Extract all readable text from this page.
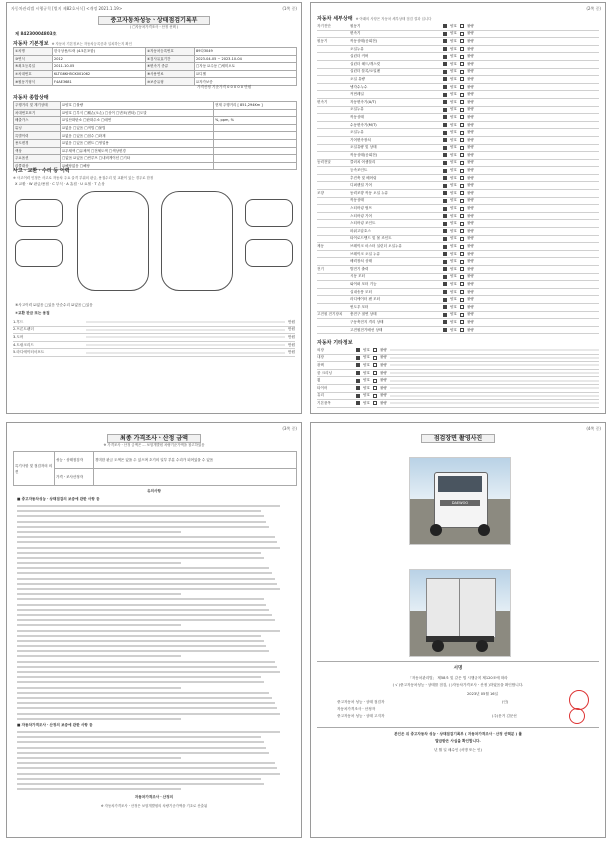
자동차관리법 시행규칙 [별지 제82호서식] <개정 2021.1.19>	(1쪽 중)
중고자동차성능ㆍ상태점검기록부
( □자동차가격조사ㆍ산정 선택 )
제 84230004803호
자동차 기본정보 ※ 자동차 기본정보는 자동차등록증과 일치하는지 확인
①차명	한국상용/트럭 (4.5톤포함)	②자동차등록번호	89다3049
③연식	2012	④검사유효기간	2023-04-05 ~ 2023-10-04
⑤최초등록일	2011-10-05	⑥변속기 종류	□자동 ☑수동 □세미오토
⑦차대번호	KLTG6KH5CK001062	⑧사용연료	☑디젤
⑨원동기형식	F4AE3681	⑩보증유형	☑자가보증
가격산정 기준가격 0 0 0 0 0 만원
자동차 종합상태
주행거리 및 계기상태	☑양호 □불량	현재 주행거리 [ 851,294Km ]
차대번호표기	☑양호 □부식 □훼손(오손) □상이 □변조(변타) □도말	
배출가스	☑일산화탄소 □탄화수소 □매연	%, ppm, %
튜닝	☑없음 □있음 □적법 □불법	
특별이력	☑없음 □있음 □침수 □화재	
용도변경	☑없음 □있음 □렌트 □영업용	
색상	☑무채색 □유채색 □전체도색 □색상변경	
주요옵션	□없음 ☑있음 □썬루프 □내비게이션 □기타	
리콜대상	☑해당없음 □해당	
사고ㆍ교환ㆍ수리 등 이력
※ 사고이력 인정은 사고로 자동차 주요 골격 부위의 판금, 용접수리 및 교환이 있는 경우로 한정
X 교환 · W 판금/용접 · C 부식 · A 흠집 · U 요철 · T 손상
⑥사고이력 ☑없음 □있음 단순수리 ☑없음 □있음
⑦교환 판금 또는 용접
1.후드	만원
2.프론트펜더	만원
3.도어	만원
4.트렁크리드	만원
5.라디에이터서포트	만원
(2쪽 중)
자동차 세부상태 ※ 아래의 사항은 자동차 세부상태 점검 결과 입니다
자기진단	원동기	양호	불량
변속기	양호	불량
원동기	작동상태(공회전)	양호	불량
오일누유	양호	불량
실린더 커버	양호	불량
실린더 헤드/개스킷	양호	불량
실린더 블록/오일팬	양호	불량
오일 유량	양호	불량
냉각수누수	양호	불량
커먼레일	양호	불량
변속기	자동변속기(A/T)	양호	불량
오일누유	양호	불량
작동상태	양호	불량
수동변속기(M/T)	양호	불량
오일누유	양호	불량
기어변속장치	양호	불량
오일유량 및 상태	양호	불량
작동상태(공회전)	양호	불량
동력전달	클러치 어셈블리	양호	불량
등속조인트	양호	불량
추진축 및 베어링	양호	불량
디퍼렌셜 기어	양호	불량
조향	동력조향 작동 오일 누유	양호	불량
작동상태	양호	불량
스티어링 펌프	양호	불량
스티어링 기어	양호	불량
스티어링 조인트	양호	불량
파워고압호스	양호	불량
타이로드엔드 및 볼 조인트	양호	불량
제동	브레이크 마스터 실린더 오일누유	양호	불량
브레이크 오일 누유	양호	불량
배력장치 상태	양호	불량
전기	발전기 출력	양호	불량
시동 모터	양호	불량
와이퍼 모터 기능	양호	불량
실내송풍 모터	양호	불량
라디에이터 팬 모터	양호	불량
윈도우 모터	양호	불량
고전원 전기장치	충전구 절연 상태	양호	불량
구동축전지 격리 상태	양호	불량
고전원전기배선 상태	양호	불량
자동차 기타정보
외장	양호	불량
내장	양호	불량
광택	양호	불량
룸 크리닝	양호	불량
휠	양호	불량
타이어	양호	불량
유리	양호	불량
기본품목	양호	불량
(3쪽 중)
최종 가격조사ㆍ산정 금액
※ 가격조사ㆍ산정 금액은 ... 보험개발원 차량기준가액을 참고하였음
특기사항 및 점검자의 의견	성능ㆍ상태점검자	경미한 판금 도색은 있을 수 있으며 초기의 일부 부분 수리가 되어있을 수 있음
	가격ㆍ조사산정자	
유의사항
■ 중고자동차성능ㆍ상태점검의 보증에 관한 사항 등
■ 자동차가격조사ㆍ산정의 보증에 관한 사항 등
자동차가격조사ㆍ산정의
※ 자동차가격조사ㆍ산정은 보험개발원의 차량기준가액을 기초로 산출됨
(4쪽 중)
점검장면 촬영사진
DAEWOO
서명
「자동차관리법」 제58조 및 같은 법 시행규칙 제120조에 따라
( √ )중고자동차성능ㆍ상태를 점검, ( )자동차가격조사ㆍ산정 )하였음을 확인합니다.
2023년 05월 16일
중고자동차 성능ㆍ상태 점검자
자동차가격조사ㆍ산정자
중고자동차 성능ㆍ상태 고지자
(인)
(주)문거 김문선
본인은 위 중고자동차 성능ㆍ상태점검기록부 ( 자동차가격조사ㆍ산정 선택분 ) 를
발급받은 사실을 확인합니다.
년 월 일 매수인 (서명 또는 인)
